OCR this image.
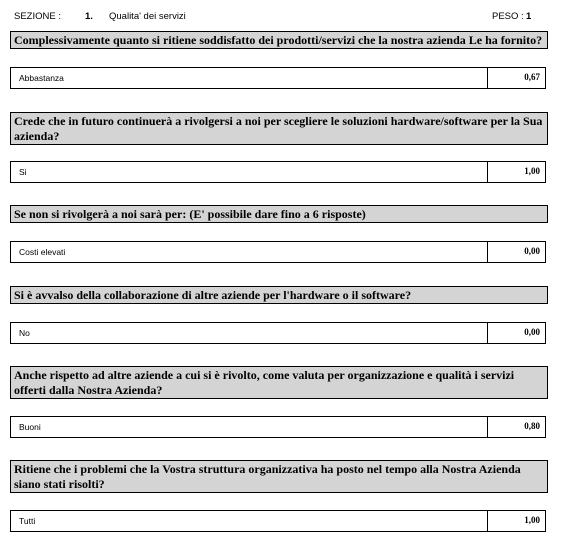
SEZIONE :	1. Qualita' dei servizi	PESO : 1
Complessivamente quanto si ritiene soddisfatto dei prodotti/servizi che la nostra azienda Le ha fornito?
Abbastanza	0,67
Crede che in futuro continuerà a rivolgersi a noi per scegliere le soluzioni hardware/software per la Sua azienda?
Si	1,00
Se non si rivolgerà a noi sarà per: (E' possibile dare fino a 6 risposte)
Costi elevati	0,00
Si è avvalso della collaborazione di altre aziende per l'hardware o il software?
No	0,00
Anche rispetto ad altre aziende a cui si è rivolto, come valuta per organizzazione e qualità i servizi offerti dalla Nostra Azienda?
Buoni	0,80
Ritiene che i problemi che la Vostra struttura organizzativa ha posto nel tempo alla Nostra Azienda siano stati risolti?
Tutti	1,00
